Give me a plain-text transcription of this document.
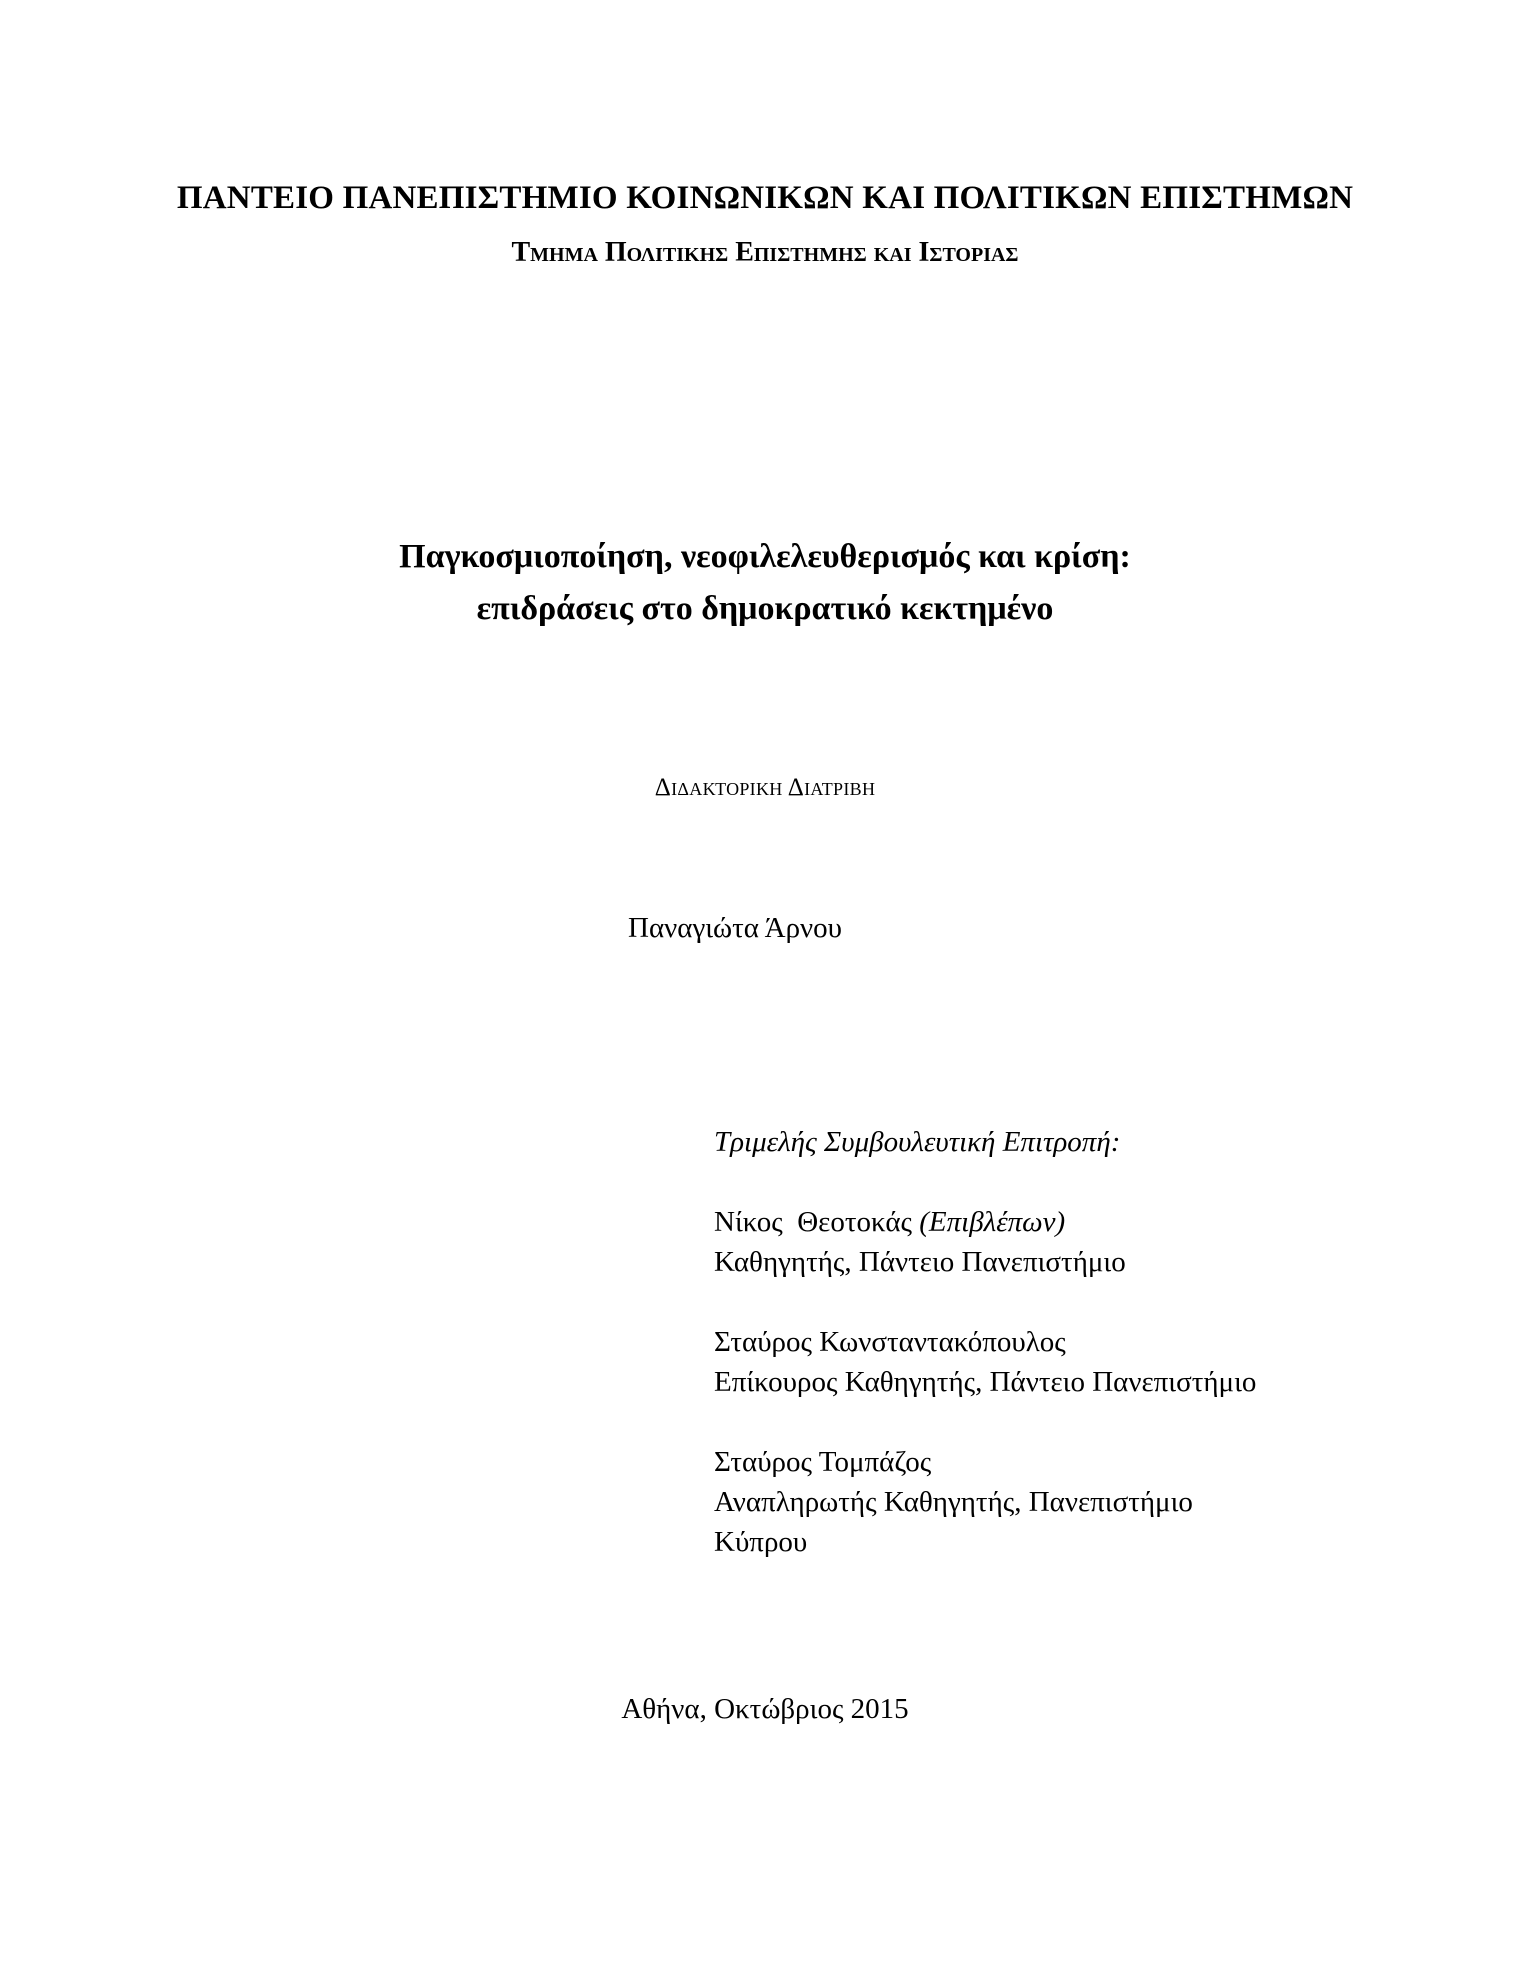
ΠΑΝΤΕΙΟ ΠΑΝΕΠΙΣΤΗΜΙΟ ΚΟΙΝΩΝΙΚΩΝ ΚΑΙ ΠΟΛΙΤΙΚΩΝ ΕΠΙΣΤΗΜΩΝ

Τμημα Πολιτικησ Επιστημησ και Ιστοριασ

Παγκοσμιοποίηση, νεοφιλελευθερισμός και κρίση:

επιδράσεις στο δημοκρατικό κεκτημένο

Διδακτορικη Διατριβη

Παναγιώτα Άρνου

Τριμελής Συμβουλευτική Επιτροπή:
Νίκος  Θεοτοκάς (Επιβλέπων)
Καθηγητής, Πάντειο Πανεπιστήμιο
Σταύρος Κωνσταντακόπουλος
Επίκουρος Καθηγητής, Πάντειο Πανεπιστήμιο
Σταύρος Τομπάζος
Αναπληρωτής Καθηγητής, Πανεπιστήμιο
Κύπρου

Αθήνα, Οκτώβριος 2015
